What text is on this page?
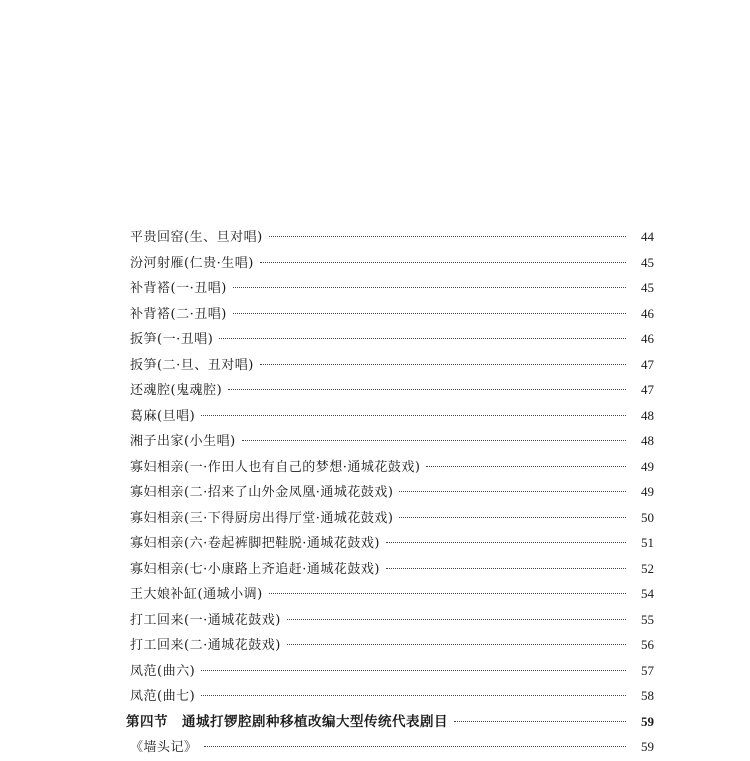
平贵回窑(生、旦对唱)	44
汾河射雁(仁贵·生唱)	45
补背褡(一·丑唱)	45
补背褡(二·丑唱)	46
扳笋(一·丑唱)	46
扳笋(二·旦、丑对唱)	47
还魂腔(鬼魂腔)	47
葛麻(旦唱)	48
湘子出家(小生唱)	48
寡妇相亲(一·作田人也有自己的梦想·通城花鼓戏)	49
寡妇相亲(二·招来了山外金凤凰·通城花鼓戏)	49
寡妇相亲(三·下得厨房出得厅堂·通城花鼓戏)	50
寡妇相亲(六·卷起裤脚把鞋脱·通城花鼓戏)	51
寡妇相亲(七·小康路上齐追赶·通城花鼓戏)	52
王大娘补缸(通城小调)	54
打工回来(一·通城花鼓戏)	55
打工回来(二·通城花鼓戏)	56
凤范(曲六)	57
凤范(曲七)	58
第四节　通城打锣腔剧种移植改编大型传统代表剧目	59
《墙头记》	59
